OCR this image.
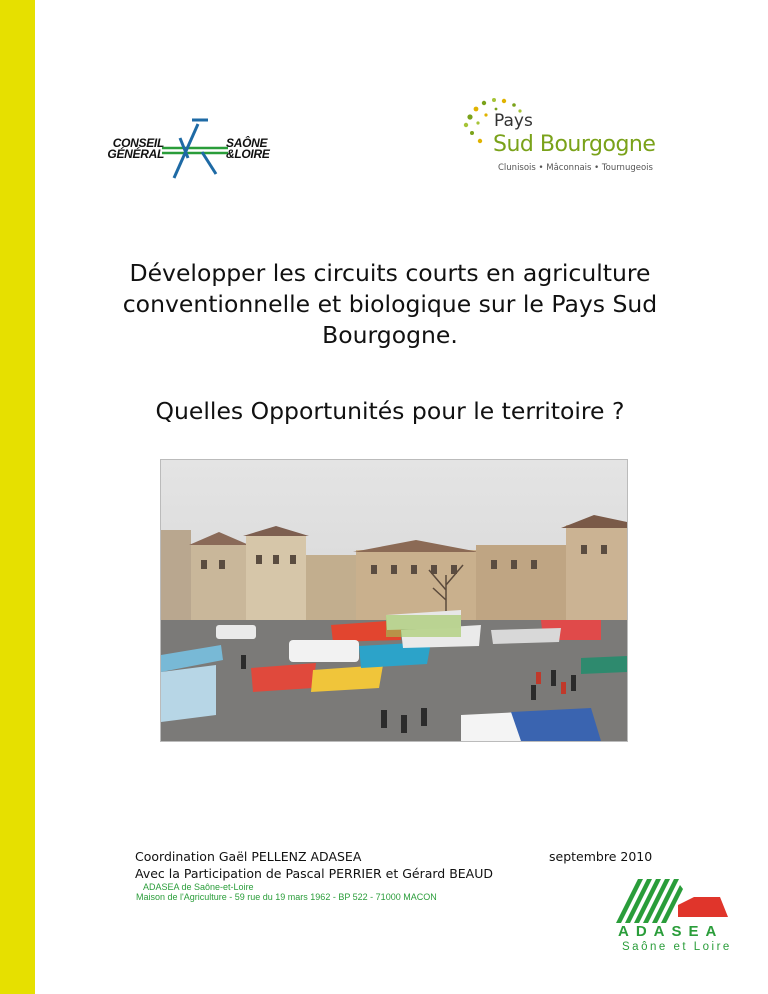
CONSEIL
GÉNÉRAL
SAÔNE
&LOIRE
Pays
Sud Bourgogne
Clunisois • Mâconnais • Tournugeois
Développer les circuits courts en agriculture conventionnelle et biologique sur le Pays Sud Bourgogne.
Quelles Opportunités pour le territoire ?
Coordination Gaël PELLENZ ADASEA
Avec la Participation de Pascal PERRIER et Gérard BEAUD
septembre 2010
ADASEA de Saône-et-Loire
Maison de l'Agriculture - 59 rue du 19 mars 1962 - BP 522 - 71000 MACON
ADASEA
Saône et Loire
